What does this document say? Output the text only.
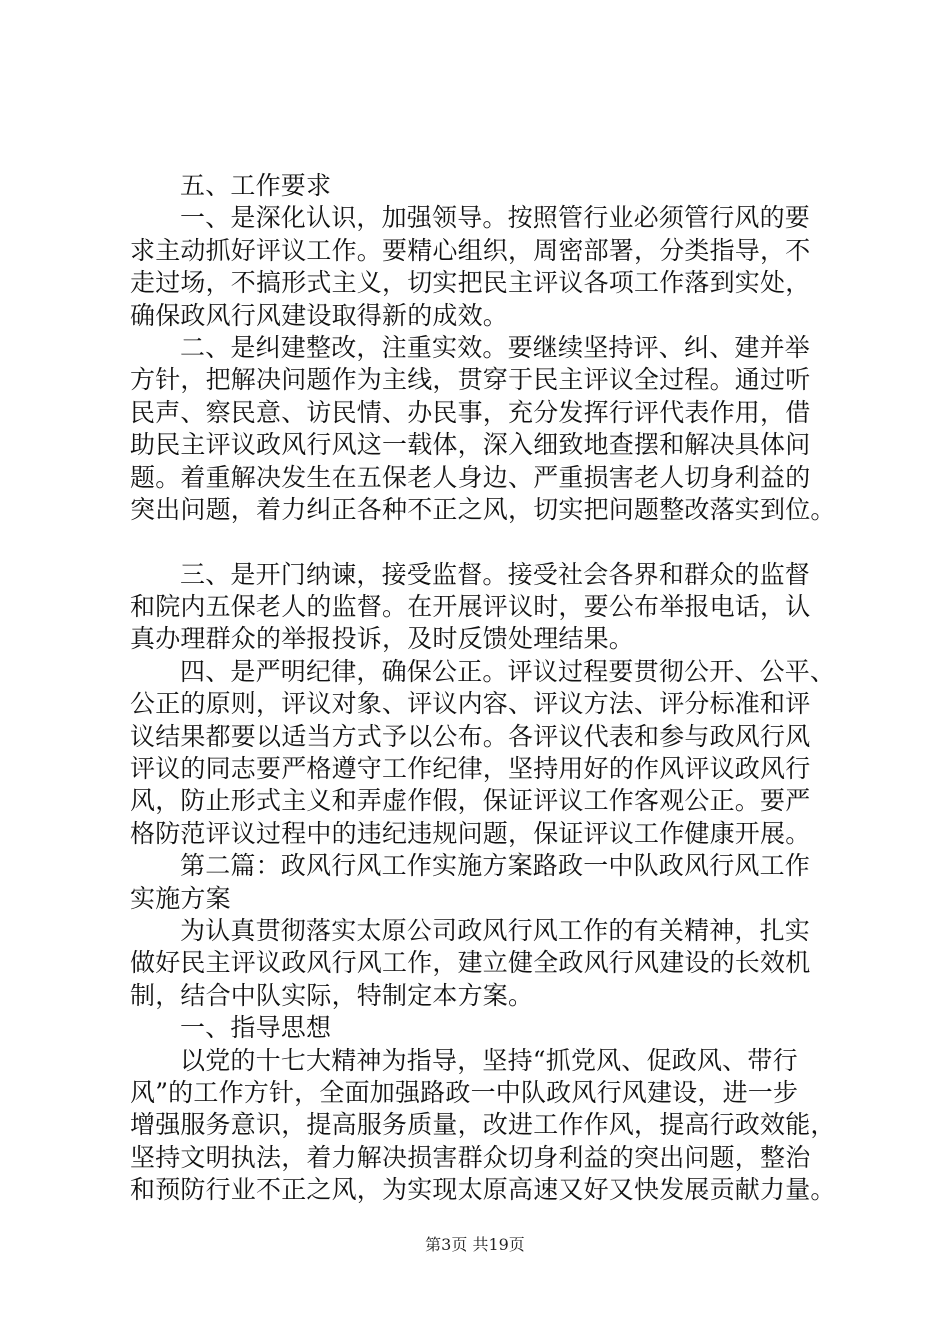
五、工作要求
一、是深化认识，加强领导。按照管行业必须管行风的要
求主动抓好评议工作。要精心组织，周密部署，分类指导，不
走过场，不搞形式主义，切实把民主评议各项工作落到实处，
确保政风行风建设取得新的成效。
二、是纠建整改，注重实效。要继续坚持评、纠、建并举
方针，把解决问题作为主线，贯穿于民主评议全过程。通过听
民声、察民意、访民情、办民事，充分发挥行评代表作用，借
助民主评议政风行风这一载体，深入细致地查摆和解决具体问
题。着重解决发生在五保老人身边、严重损害老人切身利益的
突出问题，着力纠正各种不正之风，切实把问题整改落实到位。
三、是开门纳谏，接受监督。接受社会各界和群众的监督
和院内五保老人的监督。在开展评议时，要公布举报电话，认
真办理群众的举报投诉，及时反馈处理结果。
四、是严明纪律，确保公正。评议过程要贯彻公开、公平、
公正的原则，评议对象、评议内容、评议方法、评分标准和评
议结果都要以适当方式予以公布。各评议代表和参与政风行风
评议的同志要严格遵守工作纪律，坚持用好的作风评议政风行
风，防止形式主义和弄虚作假，保证评议工作客观公正。要严
格防范评议过程中的违纪违规问题，保证评议工作健康开展。
第二篇：政风行风工作实施方案路政一中队政风行风工作
实施方案
为认真贯彻落实太原公司政风行风工作的有关精神，扎实
做好民主评议政风行风工作，建立健全政风行风建设的长效机
制，结合中队实际，特制定本方案。
一、指导思想
以党的十七大精神为指导，坚持“抓党风、促政风、带行
风”的工作方针，全面加强路政一中队政风行风建设，进一步
增强服务意识，提高服务质量，改进工作作风，提高行政效能，
坚持文明执法，着力解决损害群众切身利益的突出问题，整治
和预防行业不正之风，为实现太原高速又好又快发展贡献力量。
第3页 共19页
